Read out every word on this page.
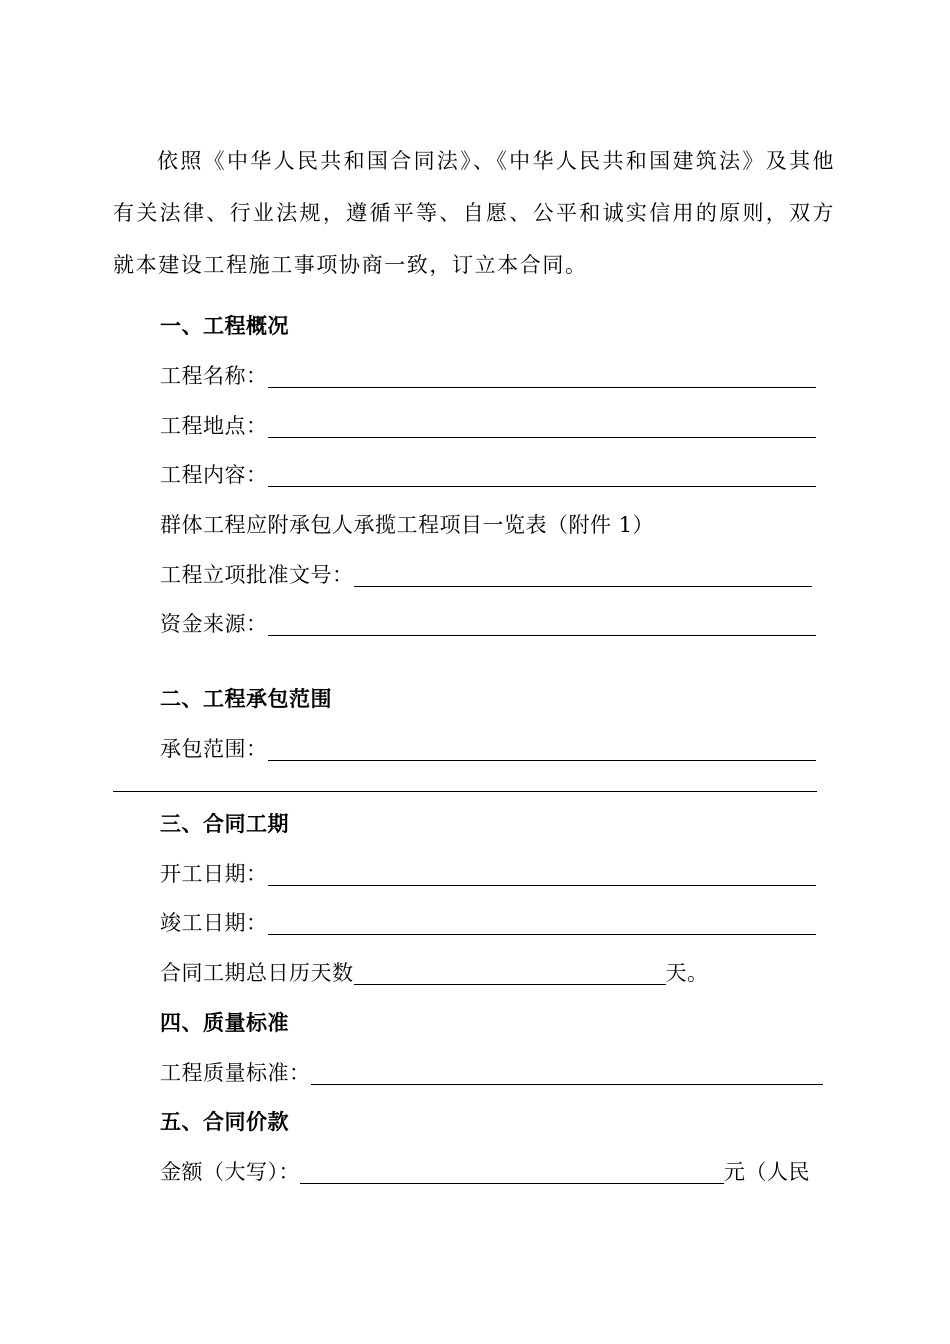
依照《中华人民共和国合同法》、《中华人民共和国建筑法》及其他有关法律、行业法规，遵循平等、自愿、公平和诚实信用的原则，双方就本建设工程施工事项协商一致，订立本合同。

一、工程概况
工程名称：
工程地点：
工程内容：
群体工程应附承包人承揽工程项目一览表（附件 1）
工程立项批准文号：
资金来源：
二、工程承包范围
承包范围：
三、合同工期
开工日期：
竣工日期：
合同工期总日历天数	天。
四、质量标准
工程质量标准：
五、合同价款
金额（大写）：	元（人民
